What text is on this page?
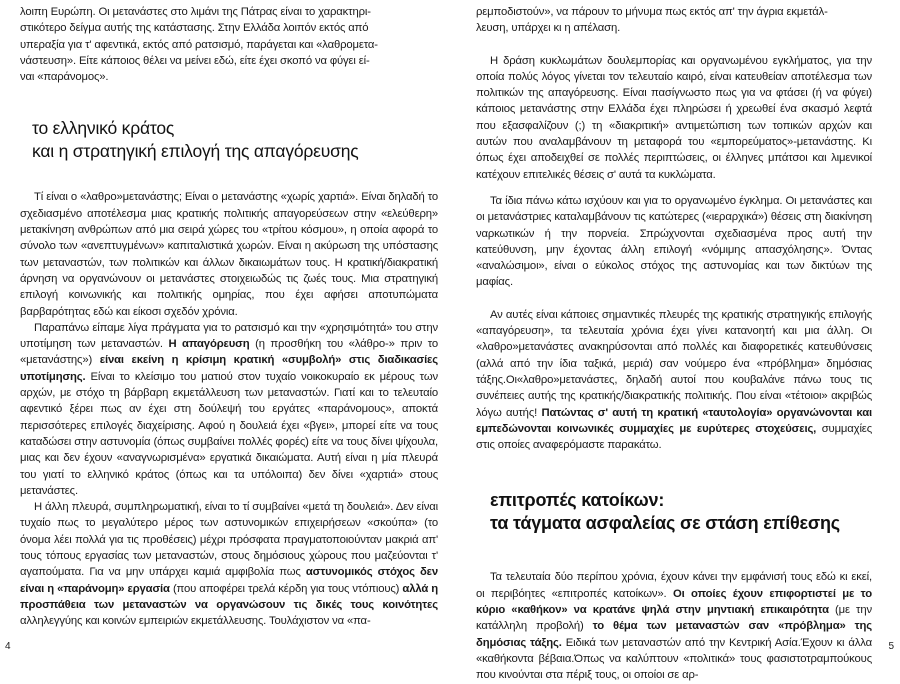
λοιπη Ευρώπη. Οι μετανάστες στο λιμάνι της Πάτρας είναι το χαρακτηρι-

στικότερο δείγμα αυτής της κατάστασης. Στην Ελλάδα λοιπόν εκτός από

υπεραξία για τ' αφεντικά, εκτός από ρατσισμό, παράγεται και «λαθρομετα-

νάστευση». Είτε κάποιος θέλει να μείνει εδώ, είτε έχει σκοπό να φύγει εί-

ναι «παράνομος».

το ελληνικό κράτος
και η στρατηγική επιλογή της απαγόρευσης

Τί είναι ο «λαθρο»μετανάστης; Είναι ο μετανάστης «χωρίς χαρτιά». Είναι δηλαδή το σχεδιασμένο αποτέλεσμα μιας κρατικής πολιτικής απαγορεύσεων στην «ελεύθερη» μετακίνηση ανθρώπων από μια σειρά χώρες του «τρίτου κόσμου», η οποία αφορά το σύνολο των «ανεπτυγμένων» καπιταλιστικά χωρών. Είναι η ακύρωση της υπόστασης των μεταναστών, των πολιτικών και άλλων δικαιωμάτων τους. Η κρατική/διακρατική άρνηση να οργανώνουν οι μετανάστες στοιχειωδώς τις ζωές τους. Μια στρατηγική επιλογή κοινωνικής και πολιτικής ομηρίας, που έχει αφήσει αποτυπώματα βαρβαρότητας εδώ και είκοσι σχεδόν χρόνια.

Παραπάνω είπαμε λίγα πράγματα για το ρατσισμό και την «χρησιμότητά» του στην υποτίμηση των μεταναστών. Η απαγόρευση (η προσθήκη του «λάθρο-» πριν το «μετανάστης») είναι εκείνη η κρίσιμη κρατική «συμβολή» στις διαδικασίες υποτίμησης. Είναι το κλείσιμο του ματιού στον τυχαίο νοικοκυραίο εκ μέρους των αρχών, με στόχο τη βάρβαρη εκμετάλλευση των μεταναστών. Γιατί και το τελευταίο αφεντικό ξέρει πως αν έχει στη δούλεψή του εργάτες «παράνομους», αποκτά περισσότερες επιλογές διαχείρισης. Αφού η δουλειά έχει «βγει», μπορεί είτε να τους καταδώσει στην αστυνομία (όπως συμβαίνει πολλές φορές) είτε να τους δίνει ψίχουλα, μιας και δεν έχουν «αναγνωρισμένα» εργατικά δικαιώματα. Αυτή είναι η μία πλευρά του γιατί το ελληνικό κράτος (όπως και τα υπόλοιπα) δεν δίνει «χαρτιά» στους μετανάστες.

Η άλλη πλευρά, συμπληρωματική, είναι το τί συμβαίνει «μετά τη δουλειά». Δεν είναι τυχαίο πως το μεγαλύτερο μέρος των αστυνομικών επιχειρήσεων «σκούπα» (το όνομα λέει πολλά για τις προθέσεις) μέχρι πρόσφατα πραγματοποιούνταν μακριά απ' τους τόπους εργασίας των μεταναστών, στους δημόσιους χώρους που μαζεύονται τ' αγαπούματα. Για να μην υπάρχει καμιά αμφιβολία πως αστυνομικός στόχος δεν είναι η «παράνομη» εργασία (που αποφέρει τρελά κέρδη για τους ντόπιους) αλλά η προσπάθεια των μεταναστών να οργανώσουν τις δικές τους κοινότητες αλληλεγγύης και κοινών εμπειριών εκμετάλλευσης. Τουλάχιστον να «πα-

4

ρεμποδιστούν», να πάρουν το μήνυμα πως εκτός απ' την άγρια εκμετάλ-

λευση, υπάρχει κι η απέλαση.

Η δράση κυκλωμάτων δουλεμπορίας και οργανωμένου εγκλήματος, για την οποία πολύς λόγος γίνεται τον τελευταίο καιρό, είναι κατευθείαν αποτέλεσμα των πολιτικών της απαγόρευσης. Είναι πασίγνωστο πως για να φτάσει (ή να φύγει) κάποιος μετανάστης στην Ελλάδα έχει πληρώσει ή χρεωθεί ένα σκασμό λεφτά που εξασφαλίζουν (;) τη «διακριτική» αντιμετώπιση των τοπικών αρχών και αυτών που αναλαμβάνουν τη μεταφορά του «εμπορεύματος»-μετανάστης. Κι όπως έχει αποδειχθεί σε πολλές περιπτώσεις, οι έλληνες μπάτσοι και λιμενικοί κατέχουν επιτελικές θέσεις σ' αυτά τα κυκλώματα.

Τα ίδια πάνω κάτω ισχύουν και για το οργανωμένο έγκλημα. Οι μετανάστες και οι μετανάστριες καταλαμβάνουν τις κατώτερες («ιεραρχικά») θέσεις στη διακίνηση ναρκωτικών ή την πορνεία. Σπρώχνονται σχεδιασμένα προς αυτή την κατεύθυνση, μην έχοντας άλλη επιλογή «νόμιμης απασχόλησης». Όντας «αναλώσιμοι», είναι ο εύκολος στόχος της αστυνομίας και των δικτύων της μαφίας.

Αν αυτές είναι κάποιες σημαντικές πλευρές της κρατικής στρατηγικής επιλογής «απαγόρευση», τα τελευταία χρόνια έχει γίνει κατανοητή και μια άλλη. Οι «λαθρο»μετανάστες ανακηρύσονται από πολλές και διαφορετικές κατευθύνσεις (αλλά από την ίδια ταξικά, μεριά) σαν νούμερο ένα «πρόβλημα» δημόσιας τάξης.Οι«λαθρο»μετανάστες, δηλαδή αυτοί που κουβαλάνε πάνω τους τις συνέπειες αυτής της κρατικής/διακρατικής πολιτικής. Που είναι «τέτοιοι» ακριβώς λόγω αυτής! Πατώντας σ' αυτή τη κρατική «ταυτολογία» οργανώνονται και εμπεδώνονται κοινωνικές συμμαχίες με ευρύτερες στοχεύσεις, συμμαχίες στις οποίες αναφερόμαστε παρακάτω.

επιτροπές κατοίκων:
τα τάγματα ασφαλείας σε στάση επίθεσης

Τα τελευταία δύο περίπου χρόνια, έχουν κάνει την εμφάνισή τους εδώ κι εκεί, οι περιβόητες «επιτροπές κατοίκων». Οι οποίες έχουν επιφορτιστεί με το κύριο «καθήκον» να κρατάνε ψηλά στην μηντιακή επικαιρότητα (με την κατάλληλη προβολή) το θέμα των μεταναστών σαν «πρόβλημα» της δημόσιας τάξης. Ειδικά των μεταναστών από την Κεντρική Ασία.Έχουν κι άλλα «καθήκοντα βέβαια.Όπως να καλύπτουν «πολιτικά» τους φασιστοτραμπούκους που κινούνται στα πέριξ τους, οι οποίοι σε αρ-

5
